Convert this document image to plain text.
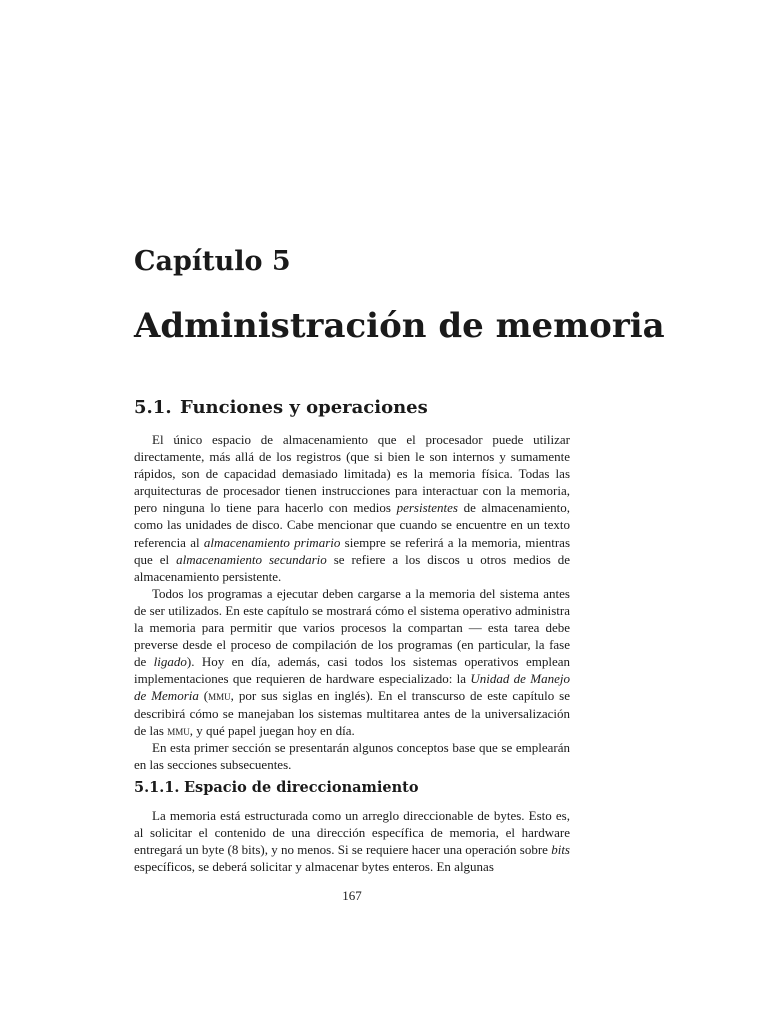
Capítulo 5
Administración de memoria
5.1. Funciones y operaciones

El único espacio de almacenamiento que el procesador puede utilizar directamente, más allá de los registros (que si bien le son internos y sumamente rápidos, son de capacidad demasiado limitada) es la memoria física. Todas las arquitecturas de procesador tienen instrucciones para interactuar con la memoria, pero ninguna lo tiene para hacerlo con medios persistentes de almacenamiento, como las unidades de disco. Cabe mencionar que cuando se encuentre en un texto referencia al almacenamiento primario siempre se referirá a la memoria, mientras que el almacenamiento secundario se refiere a los discos u otros medios de almacenamiento persistente.

Todos los programas a ejecutar deben cargarse a la memoria del sistema antes de ser utilizados. En este capítulo se mostrará cómo el sistema operativo administra la memoria para permitir que varios procesos la compartan — esta tarea debe preverse desde el proceso de compilación de los programas (en particular, la fase de ligado). Hoy en día, además, casi todos los sistemas operativos emplean implementaciones que requieren de hardware especializado: la Unidad de Manejo de Memoria (mmu, por sus siglas en inglés). En el transcurso de este capítulo se describirá cómo se manejaban los sistemas multitarea antes de la universalización de las mmu, y qué papel juegan hoy en día.

En esta primer sección se presentarán algunos conceptos base que se emplearán en las secciones subsecuentes.

5.1.1. Espacio de direccionamiento

La memoria está estructurada como un arreglo direccionable de bytes. Esto es, al solicitar el contenido de una dirección específica de memoria, el hardware entregará un byte (8 bits), y no menos. Si se requiere hacer una operación sobre bits específicos, se deberá solicitar y almacenar bytes enteros. En algunas

167
